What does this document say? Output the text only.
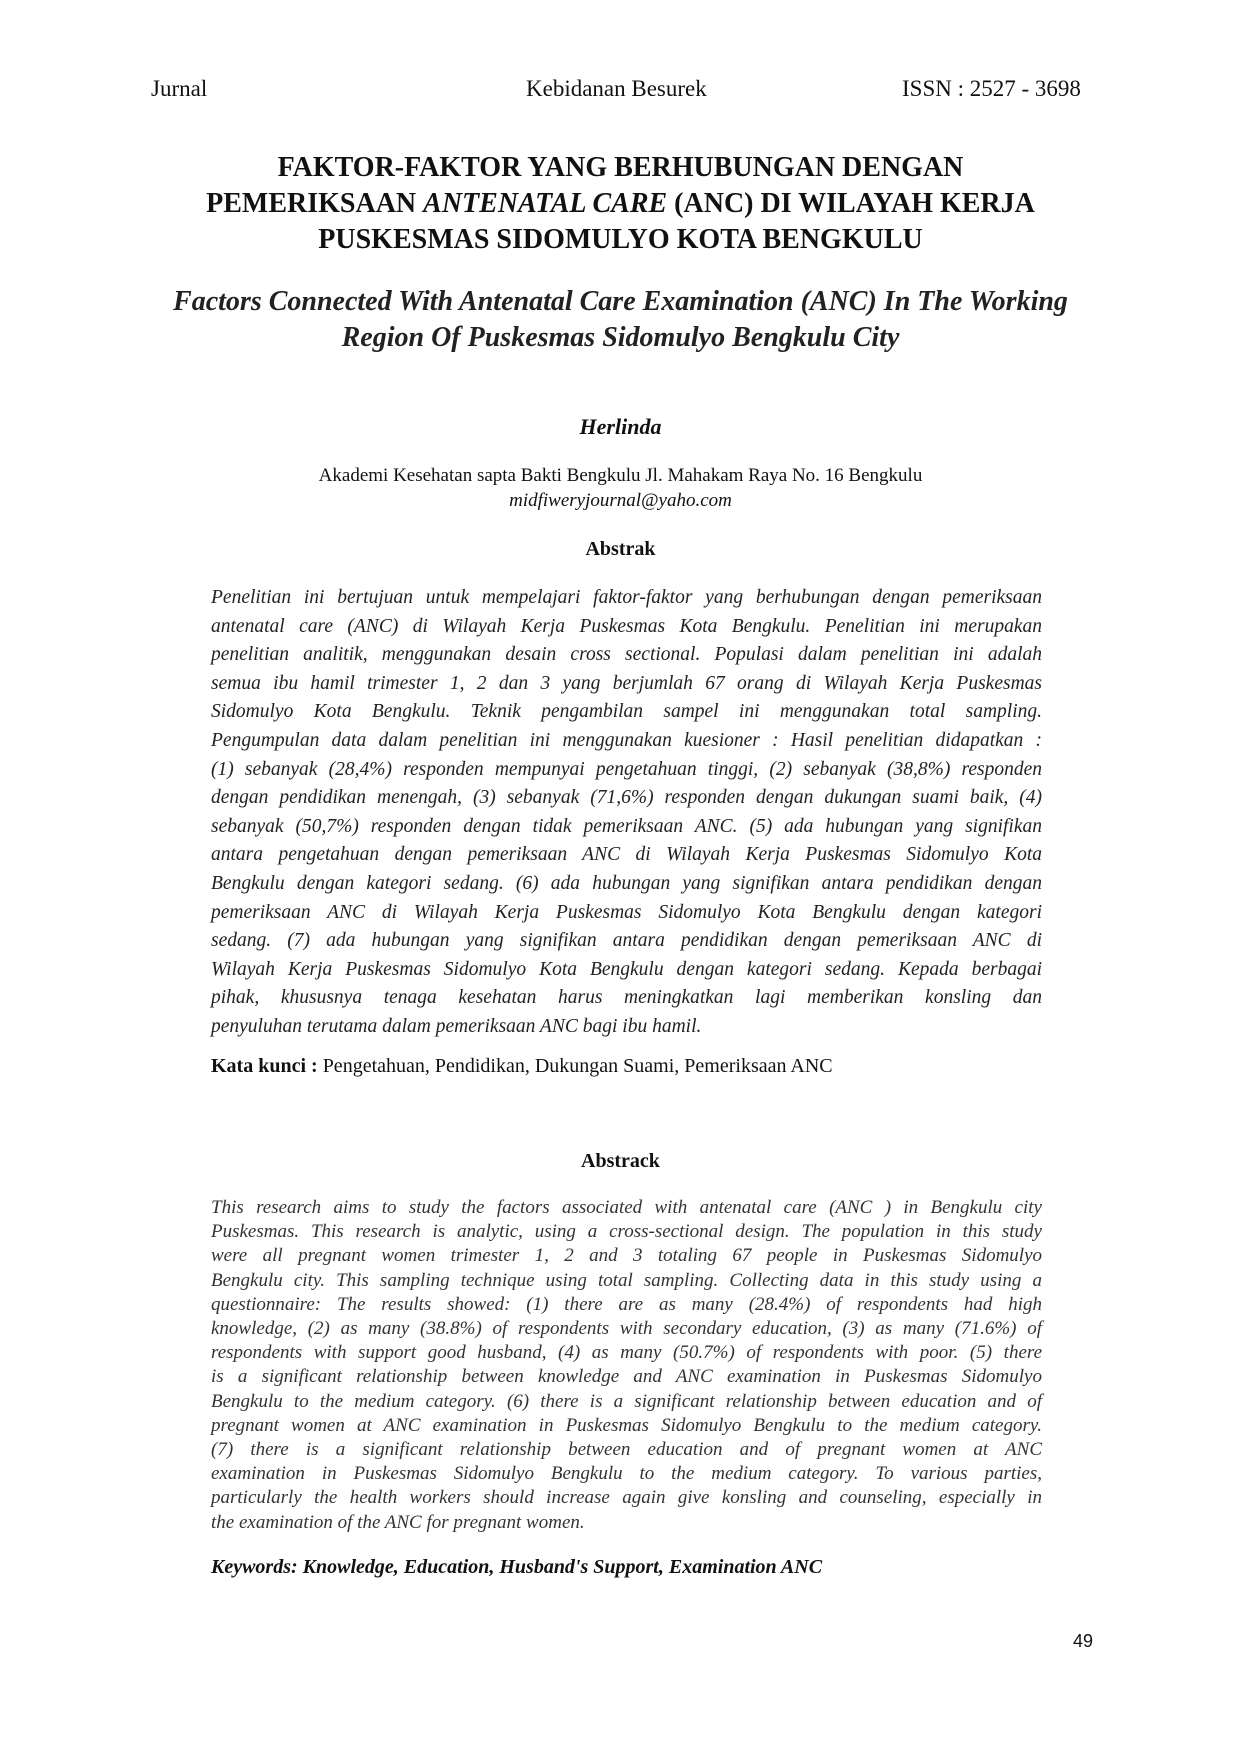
Jurnal	Kebidanan Besurek	ISSN : 2527 - 3698
FAKTOR-FAKTOR YANG BERHUBUNGAN DENGAN
PEMERIKSAAN ANTENATAL CARE (ANC) DI WILAYAH KERJA
PUSKESMAS SIDOMULYO KOTA BENGKULU
Factors Connected With Antenatal Care Examination (ANC) In The Working
Region Of Puskesmas Sidomulyo Bengkulu City
Herlinda
Akademi Kesehatan sapta Bakti Bengkulu Jl. Mahakam Raya No. 16 Bengkulu
midfiweryjournal@yaho.com
Abstrak
Penelitian ini bertujuan untuk mempelajari faktor-faktor yang berhubungan dengan pemeriksaan
antenatal care (ANC) di Wilayah Kerja Puskesmas Kota Bengkulu. Penelitian ini merupakan
penelitian analitik, menggunakan desain cross sectional. Populasi dalam penelitian ini adalah
semua ibu hamil trimester 1, 2 dan 3 yang berjumlah 67 orang di Wilayah Kerja Puskesmas
Sidomulyo Kota Bengkulu. Teknik pengambilan sampel ini menggunakan total sampling.
Pengumpulan data dalam penelitian ini menggunakan kuesioner : Hasil penelitian didapatkan :
(1) sebanyak (28,4%) responden mempunyai pengetahuan tinggi, (2) sebanyak (38,8%) responden
dengan pendidikan menengah, (3) sebanyak (71,6%) responden dengan dukungan suami baik, (4)
sebanyak (50,7%) responden dengan tidak pemeriksaan ANC. (5) ada hubungan yang signifikan
antara pengetahuan dengan pemeriksaan ANC di Wilayah Kerja Puskesmas Sidomulyo Kota
Bengkulu dengan kategori sedang. (6) ada hubungan yang signifikan antara pendidikan dengan
pemeriksaan ANC di Wilayah Kerja Puskesmas Sidomulyo Kota Bengkulu dengan kategori
sedang. (7) ada hubungan yang signifikan antara pendidikan dengan pemeriksaan ANC di
Wilayah Kerja Puskesmas Sidomulyo Kota Bengkulu dengan kategori sedang. Kepada berbagai
pihak, khususnya tenaga kesehatan harus meningkatkan lagi memberikan konsling dan
penyuluhan terutama dalam pemeriksaan ANC bagi ibu hamil.
Kata kunci : Pengetahuan, Pendidikan, Dukungan Suami, Pemeriksaan ANC
Abstrack
This research aims to study the factors associated with antenatal care (ANC ) in Bengkulu city
Puskesmas. This research is analytic, using a cross-sectional design. The population in this study
were all pregnant women trimester 1, 2 and 3 totaling 67 people in Puskesmas Sidomulyo
Bengkulu city. This sampling technique using total sampling. Collecting data in this study using a
questionnaire: The results showed: (1) there are as many (28.4%) of respondents had high
knowledge, (2) as many (38.8%) of respondents with secondary education, (3) as many (71.6%) of
respondents with support good husband, (4) as many (50.7%) of respondents with poor. (5) there
is a significant relationship between knowledge and ANC examination in Puskesmas Sidomulyo
Bengkulu to the medium category. (6) there is a significant relationship between education and of
pregnant women at ANC examination in Puskesmas Sidomulyo Bengkulu to the medium category.
(7) there is a significant relationship between education and of pregnant women at ANC
examination in Puskesmas Sidomulyo Bengkulu to the medium category. To various parties,
particularly the health workers should increase again give konsling and counseling, especially in
the examination of the ANC for pregnant women.
Keywords: Knowledge, Education, Husband's Support, Examination ANC
49
